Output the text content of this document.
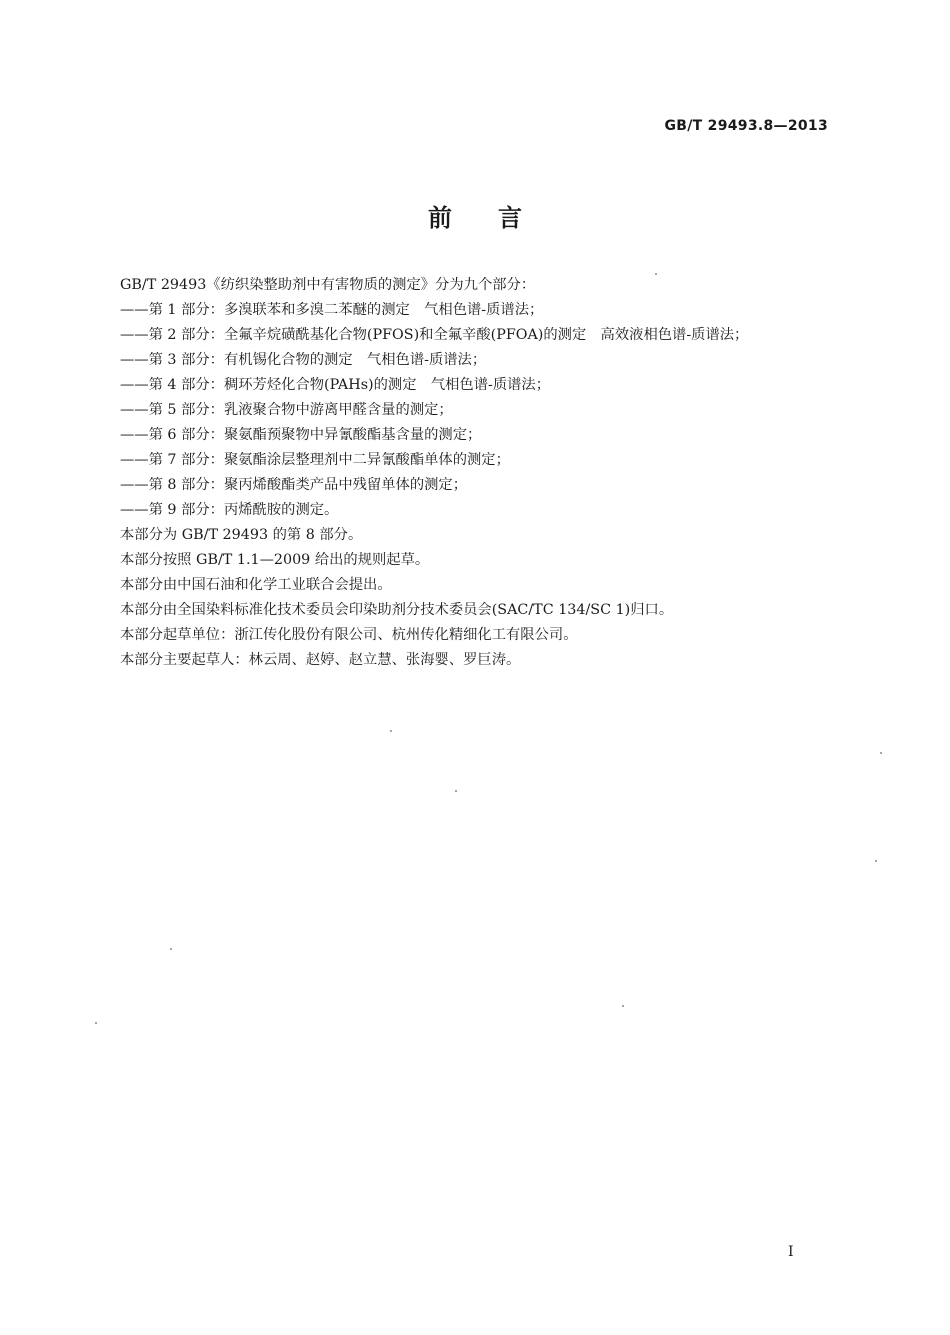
GB/T 29493.8—2013
前言
GB/T 29493《纺织染整助剂中有害物质的测定》分为九个部分：
——第 1 部分：多溴联苯和多溴二苯醚的测定　气相色谱-质谱法；
——第 2 部分：全氟辛烷磺酰基化合物(PFOS)和全氟辛酸(PFOA)的测定　高效液相色谱-质谱法；
——第 3 部分：有机锡化合物的测定　气相色谱-质谱法；
——第 4 部分：稠环芳烃化合物(PAHs)的测定　气相色谱-质谱法；
——第 5 部分：乳液聚合物中游离甲醛含量的测定；
——第 6 部分：聚氨酯预聚物中异氰酸酯基含量的测定；
——第 7 部分：聚氨酯涂层整理剂中二异氰酸酯单体的测定；
——第 8 部分：聚丙烯酸酯类产品中残留单体的测定；
——第 9 部分：丙烯酰胺的测定。
本部分为 GB/T 29493 的第 8 部分。
本部分按照 GB/T 1.1—2009 给出的规则起草。
本部分由中国石油和化学工业联合会提出。
本部分由全国染料标准化技术委员会印染助剂分技术委员会(SAC/TC 134/SC 1)归口。
本部分起草单位：浙江传化股份有限公司、杭州传化精细化工有限公司。
本部分主要起草人：林云周、赵婷、赵立慧、张海婴、罗巨涛。
I
